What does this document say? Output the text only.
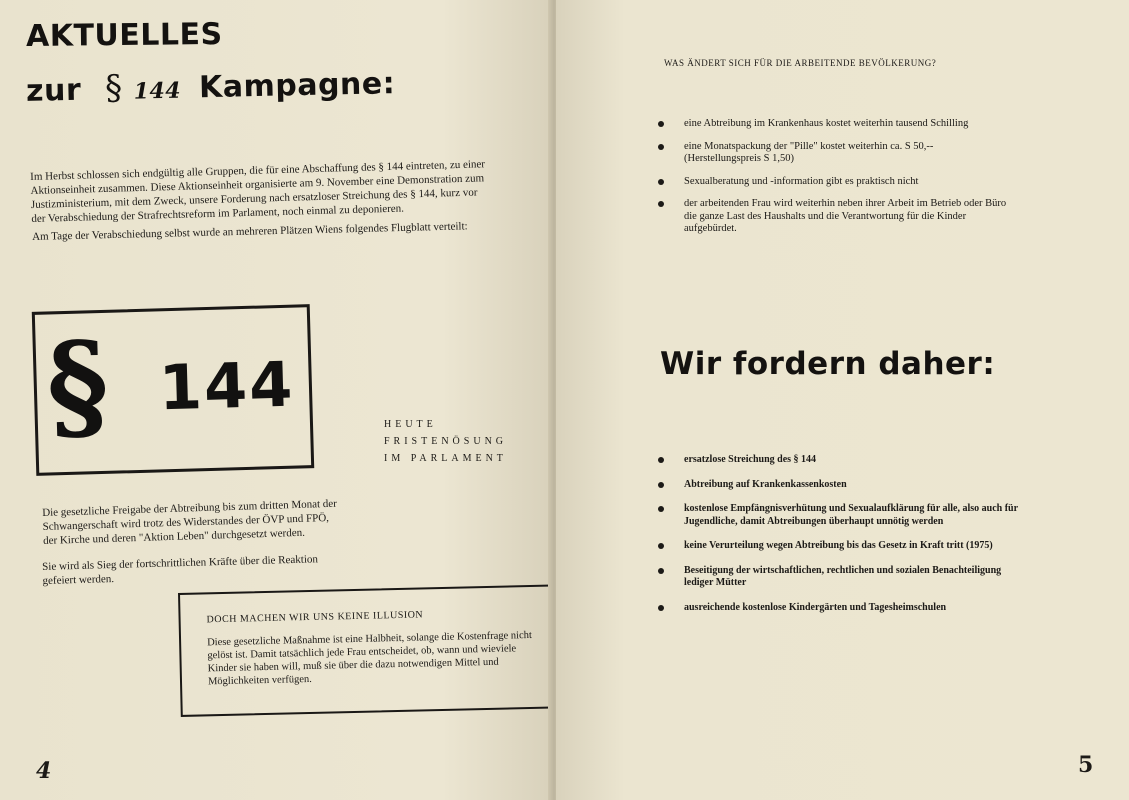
AKTUELLES
zur § 144 Kampagne:
Im Herbst schlossen sich endgültig alle Gruppen, die für eine Abschaffung des § 144 eintreten, zu einer Aktionseinheit zusammen. Diese Aktionseinheit organisierte am 9. November eine Demonstration zum Justizministerium, mit dem Zweck, unsere Forderung nach ersatzloser Streichung des § 144, kurz vor der Verabschiedung der Strafrechtsreform im Parlament, noch einmal zu deponieren.
Am Tage der Verabschiedung selbst wurde an mehreren Plätzen Wiens folgendes Flugblatt verteilt:
§ 144
HEUTE
FRISTENÖSUNG
IM PARLAMENT
Die gesetzliche Freigabe der Abtreibung bis zum dritten Monat der Schwangerschaft wird trotz des Widerstandes der ÖVP und FPÖ, der Kirche und deren "Aktion Leben" durchgesetzt werden.
Sie wird als Sieg der fortschrittlichen Kräfte über die Reaktion gefeiert werden.
DOCH MACHEN WIR UNS KEINE ILLUSION
Diese gesetzliche Maßnahme ist eine Halbheit, solange die Kostenfrage nicht gelöst ist. Damit tatsächlich jede Frau entscheidet, ob, wann und wieviele Kinder sie haben will, muß sie über die dazu notwendigen Mittel und Möglichkeiten verfügen.
4
WAS ÄNDERT SICH FÜR DIE ARBEITENDE BEVÖLKERUNG?
eine Abtreibung im Krankenhaus kostet weiterhin tausend Schilling
eine Monatspackung der "Pille" kostet weiterhin ca. S 50,-- (Herstellungspreis S 1,50)
Sexualberatung und -information gibt es praktisch nicht
der arbeitenden Frau wird weiterhin neben ihrer Arbeit im Betrieb oder Büro die ganze Last des Haushalts und die Verantwortung für die Kinder aufgebürdet.
Wir fordern daher:
ersatzlose Streichung des § 144
Abtreibung auf Krankenkassenkosten
kostenlose Empfängnisverhütung und Sexualaufklärung für alle, also auch für Jugendliche, damit Abtreibungen überhaupt unnötig werden
keine Verurteilung wegen Abtreibung bis das Gesetz in Kraft tritt (1975)
Beseitigung der wirtschaftlichen, rechtlichen und sozialen Benachteiligung lediger Mütter
ausreichende kostenlose Kindergärten und Tagesheimschulen
5
